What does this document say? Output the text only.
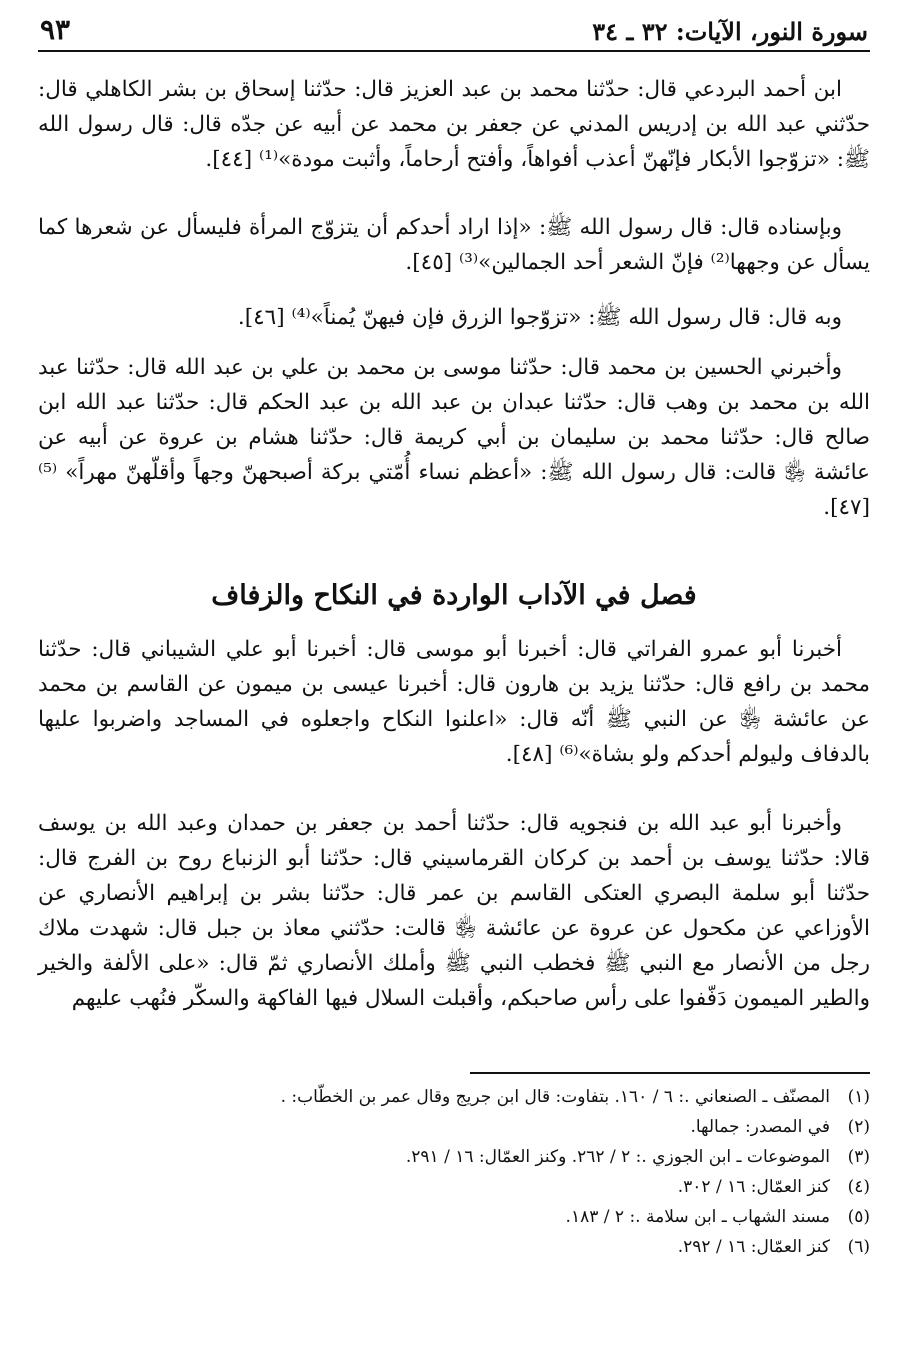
٩٣	سورة النور، الآيات: ٣٢ ـ ٣٤

ابن أحمد البردعي قال: حدّثنا محمد بن عبد العزيز قال: حدّثنا إسحاق بن بشر الكاهلي قال: حدّثني عبد الله بن إدريس المدني عن جعفر بن محمد عن أبيه عن جدّه قال: قال رسول الله ﷺ: «تزوّجوا الأبكار فإنّهنّ أعذب أفواهاً، وأفتح أرحاماً، وأثبت مودة»⁽¹⁾ [٤٤].

وبإسناده قال: قال رسول الله ﷺ: «إذا اراد أحدكم أن يتزوّج المرأة فليسأل عن شعرها كما يسأل عن وجهها⁽²⁾ فإنّ الشعر أحد الجمالين»⁽³⁾ [٤٥].

وبه قال: قال رسول الله ﷺ: «تزوّجوا الزرق فإن فيهنّ يُمناً»⁽⁴⁾ [٤٦].

وأخبرني الحسين بن محمد قال: حدّثنا موسى بن محمد بن علي بن عبد الله قال: حدّثنا عبد الله بن محمد بن وهب قال: حدّثنا عبدان بن عبد الله بن عبد الحكم قال: حدّثنا عبد الله ابن صالح قال: حدّثنا محمد بن سليمان بن أبي كريمة قال: حدّثنا هشام بن عروة عن أبيه عن عائشة ﵂ قالت: قال رسول الله ﷺ: «أعظم نساء أُمّتي بركة أصبحهنّ وجهاً وأقلّهنّ مهراً» ⁽⁵⁾[٤٧].

فصل في الآداب الواردة في النكاح والزفاف

أخبرنا أبو عمرو الفراتي قال: أخبرنا أبو موسى قال: أخبرنا أبو علي الشيباني قال: حدّثنا محمد بن رافع قال: حدّثنا يزيد بن هارون قال: أخبرنا عيسى بن ميمون عن القاسم بن محمد عن عائشة ﵂ عن النبي ﷺ أنّه قال: «اعلنوا النكاح واجعلوه في المساجد واضربوا عليها بالدفاف وليولم أحدكم ولو بشاة»⁽⁶⁾ [٤٨].

وأخبرنا أبو عبد الله بن فنجويه قال: حدّثنا أحمد بن جعفر بن حمدان وعبد الله بن يوسف قالا: حدّثنا يوسف بن أحمد بن كركان القرماسيني قال: حدّثنا أبو الزنباع روح بن الفرج قال: حدّثنا أبو سلمة البصري العتكى القاسم بن عمر قال: حدّثنا بشر بن إبراهيم الأنصاري عن الأوزاعي عن مكحول عن عروة عن عائشة ﵂ قالت: حدّثني معاذ بن جبل قال: شهدت ملاك رجل من الأنصار مع النبي ﷺ فخطب النبي ﷺ وأملك الأنصاري ثمّ قال: «على الألفة والخير والطير الميمون دَفّفوا على رأس صاحبكم، وأقبلت السلال فيها الفاكهة والسكّر فنُهب عليهم

(١)
المصنّف ـ الصنعاني .: ٦ / ١٦٠. بتفاوت: قال ابن جريج وقال عمر بن الخطّاب: .
(٢)
في المصدر: جمالها.
(٣)
الموضوعات ـ ابن الجوزي .: ٢ / ٢٦٢. وكنز العمّال: ١٦ / ٢٩١.
(٤)
كنز العمّال: ١٦ / ٣٠٢.
(٥)
مسند الشهاب ـ ابن سلامة .: ٢ / ١٨٣.
(٦)
كنز العمّال: ١٦ / ٢٩٢.
